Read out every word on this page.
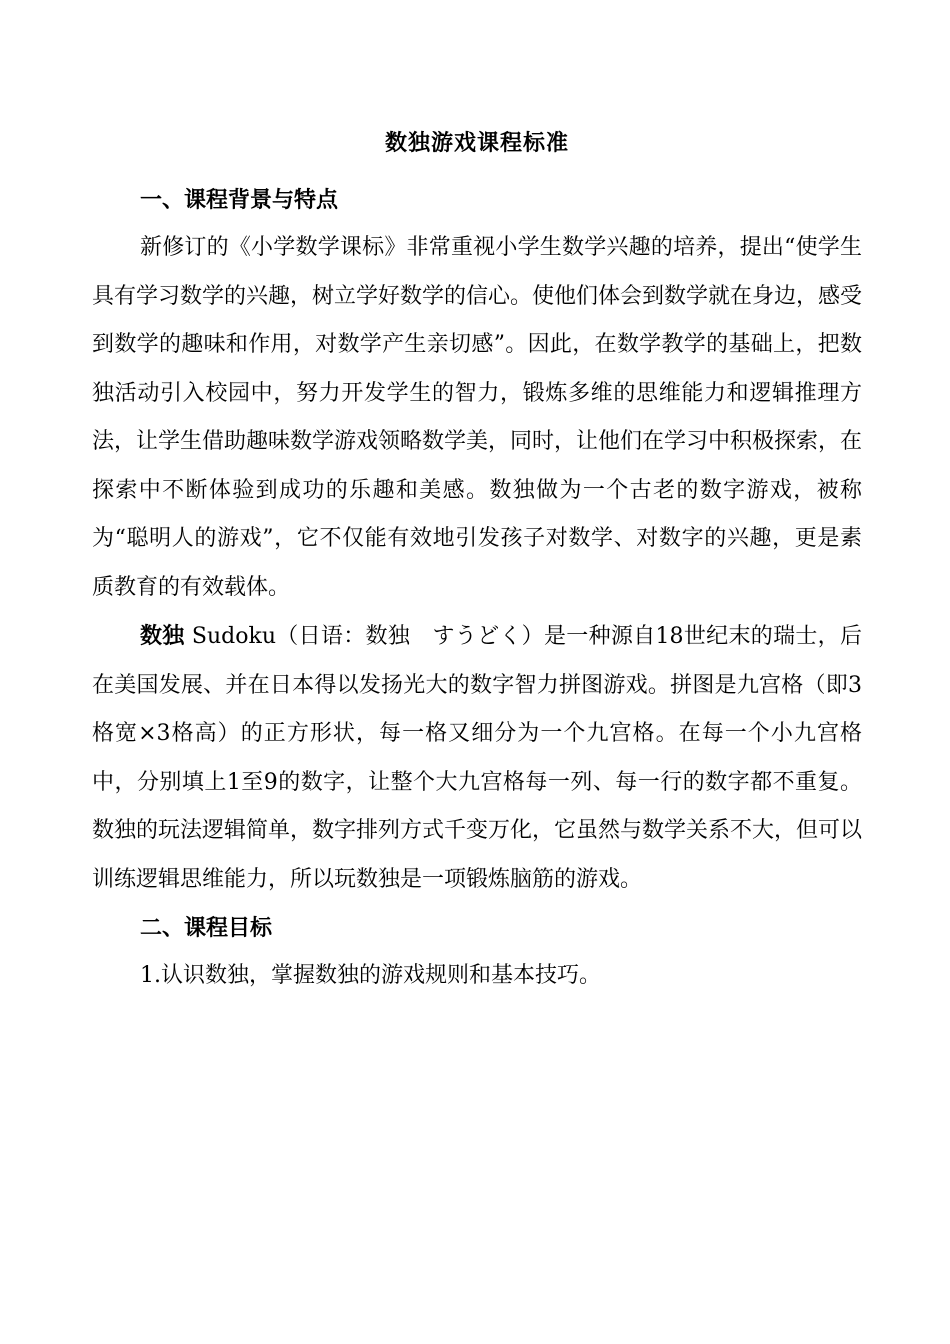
数独游戏课程标准
一、课程背景与特点

新修订的《小学数学课标》非常重视小学生数学兴趣的培养，提出“使学生具有学习数学的兴趣，树立学好数学的信心。使他们体会到数学就在身边，感受到数学的趣味和作用，对数学产生亲切感”。因此，在数学教学的基础上，把数独活动引入校园中，努力开发学生的智力，锻炼多维的思维能力和逻辑推理方法，让学生借助趣味数学游戏领略数学美，同时，让他们在学习中积极探索，在探索中不断体验到成功的乐趣和美感。数独做为一个古老的数字游戏，被称为“聪明人的游戏”，它不仅能有效地引发孩子对数学、对数字的兴趣，更是素质教育的有效载体。

数独 Sudoku（日语：数独　すうどく）是一种源自18世纪末的瑞士，后在美国发展、并在日本得以发扬光大的数字智力拼图游戏。拼图是九宫格（即3格宽×3格高）的正方形状，每一格又细分为一个九宫格。在每一个小九宫格中，分别填上1至9的数字，让整个大九宫格每一列、每一行的数字都不重复。数独的玩法逻辑简单，数字排列方式千变万化，它虽然与数学关系不大，但可以训练逻辑思维能力，所以玩数独是一项锻炼脑筋的游戏。

二、课程目标

1.认识数独，掌握数独的游戏规则和基本技巧。
